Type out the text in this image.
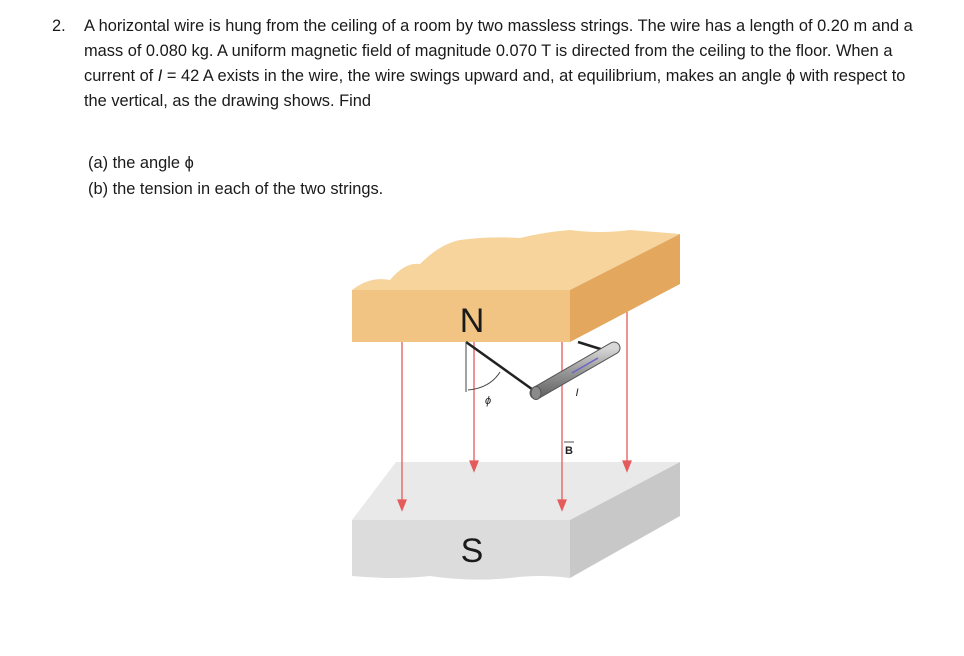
2. A horizontal wire is hung from the ceiling of a room by two massless strings. The wire has a length of 0.20 m and a mass of 0.080 kg. A uniform magnetic field of magnitude 0.070 T is directed from the ceiling to the floor. When a current of I = 42 A exists in the wire, the wire swings upward and, at equilibrium, makes an angle ϕ with respect to the vertical, as the drawing shows. Find
(a) the angle ϕ
(b) the tension in each of the two strings.
S
N
ϕ
I
B
